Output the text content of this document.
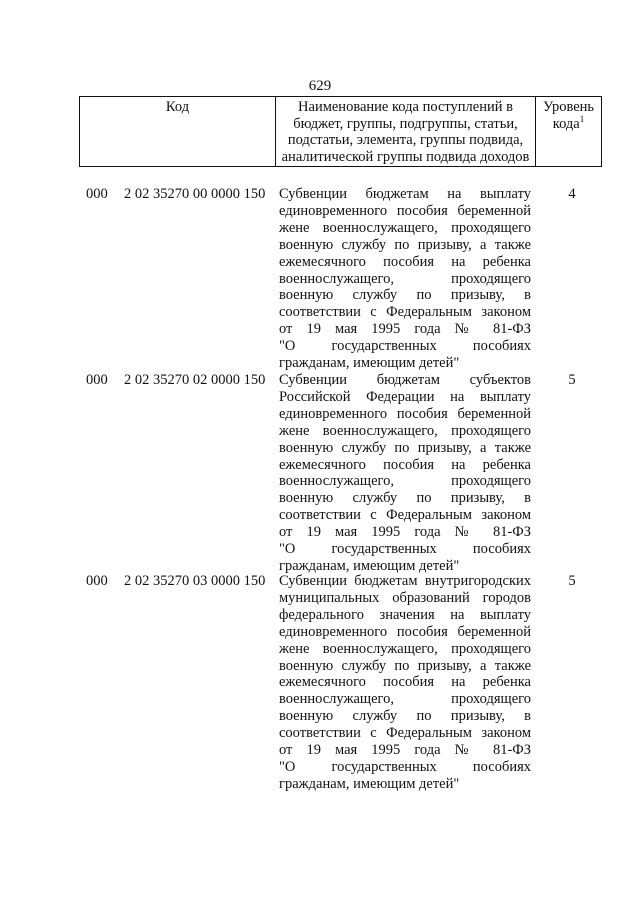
629
Код	Наименование кода поступлений в
бюджет, группы, подгруппы, статьи,
подстатьи, элемента, группы подвида,
аналитической группы подвида доходов
Уровень
кода$^1$
000 2 02 35270 00 0000 150 Субвенции бюджетам на выплату
единовременного пособия беременной
жене военнослужащего, проходящего
военную службу по призыву, а также
ежемесячного пособия на ребенка
военнослужащего, проходящего
военную службу по призыву, в
соответствии с Федеральным законом
от 19 мая 1995 года № 81-ФЗ
"О государственных пособиях
гражданам, имеющим детей"
4
000 2 02 35270 02 0000 150 Субвенции бюджетам субъектов
Российской Федерации на выплату
единовременного пособия беременной
жене военнослужащего, проходящего
военную службу по призыву, а также
ежемесячного пособия на ребенка
военнослужащего, проходящего
военную службу по призыву, в
соответствии с Федеральным законом
от 19 мая 1995 года № 81-ФЗ
"О государственных пособиях
гражданам, имеющим детей"
5
000 2 02 35270 03 0000 150 Субвенции бюджетам внутригородских
муниципальных образований городов
федерального значения на выплату
единовременного пособия беременной
жене военнослужащего, проходящего
военную службу по призыву, а также
ежемесячного пособия на ребенка
военнослужащего, проходящего
военную службу по призыву, в
соответствии с Федеральным законом
от 19 мая 1995 года № 81-ФЗ
"О государственных пособиях
гражданам, имеющим детей"
5
